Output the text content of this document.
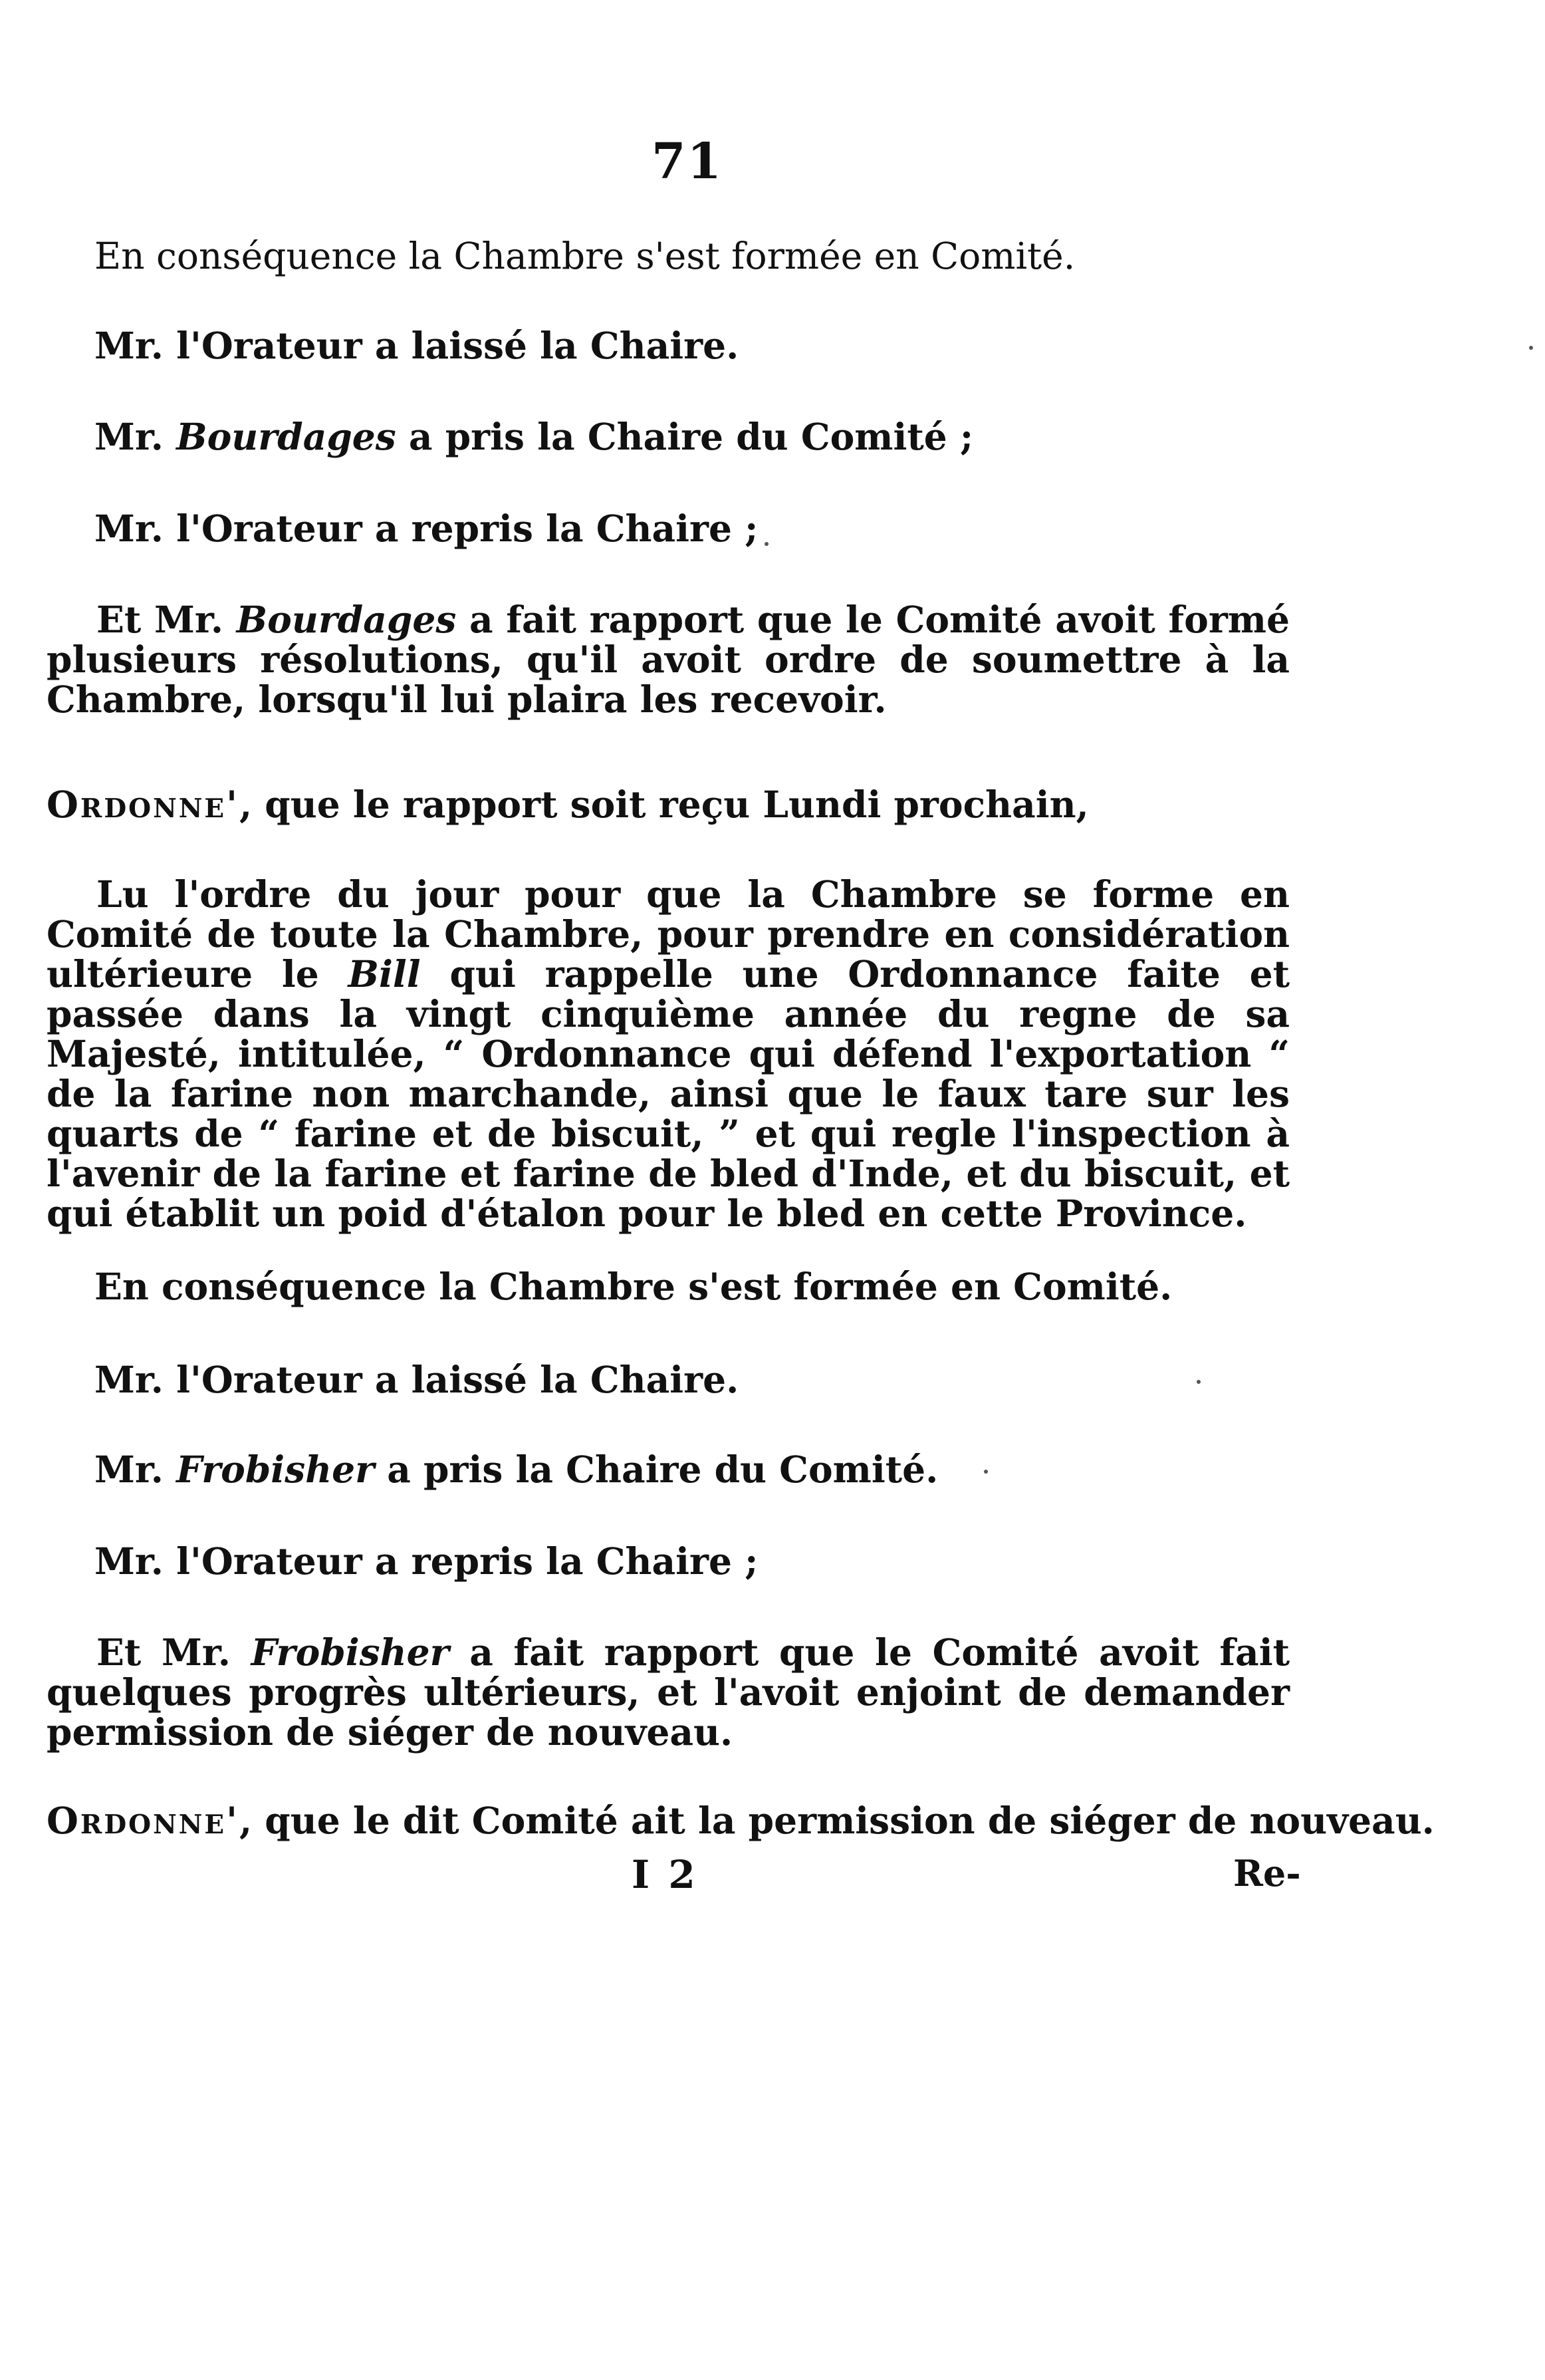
71
En conséquence la Chambre s'est formée en Comité.
Mr. l'Orateur a laissé la Chaire.
Mr. Bourdages a pris la Chaire du Comité ;
Mr. l'Orateur a repris la Chaire ;
Et Mr. Bourdages a fait rapport que le Comité avoit formé plusieurs résolutions, qu'il avoit ordre de soumettre à la Chambre, lorsqu'il lui plaira les recevoir.
Ordonne', que le rapport soit reçu Lundi prochain,
Lu l'ordre du jour pour que la Chambre se forme en Comité de toute la Chambre, pour prendre en considération ultérieure le Bill qui rappelle une Ordonnance faite et passée dans la vingt cinquième année du regne de sa Majesté, intitulée, “ Ordonnance qui défend l'exportation “ de la farine non marchande, ainsi que le faux tare sur les quarts de “ farine et de biscuit, ” et qui regle l'inspection à l'avenir de la farine et farine de bled d'Inde, et du biscuit, et qui établit un poid d'étalon pour le bled en cette Province.
En conséquence la Chambre s'est formée en Comité.
Mr. l'Orateur a laissé la Chaire.
Mr. Frobisher a pris la Chaire du Comité.
Mr. l'Orateur a repris la Chaire ;
Et Mr. Frobisher a fait rapport que le Comité avoit fait quelques progrès ultérieurs, et l'avoit enjoint de demander permission de siéger de nouveau.
Ordonne', que le dit Comité ait la permission de siéger de nouveau.
I 2	Re-
